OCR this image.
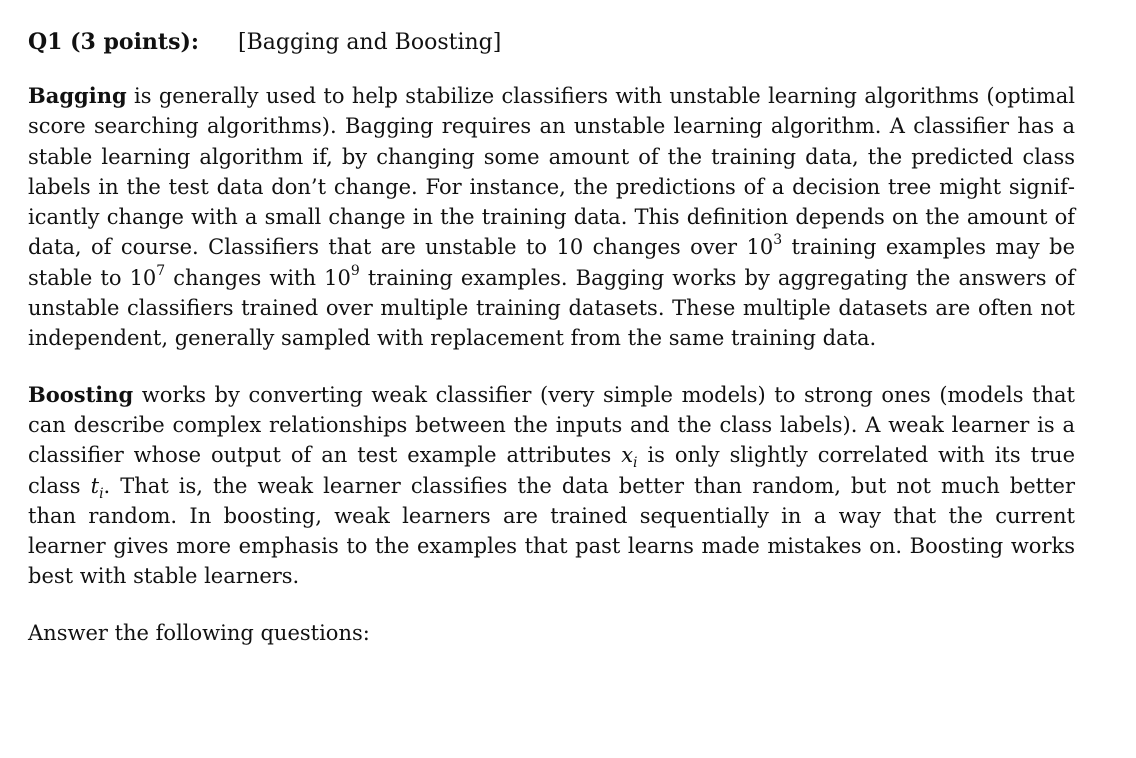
Q1 (3 points): [Bagging and Boosting]

Bagging is generally used to help stabilize classifiers with unstable learning algorithms (optimal score searching algorithms). Bagging requires an unstable learning algorithm. A classifier has a stable learning algorithm if, by changing some amount of the training data, the predicted class labels in the test data don’t change. For instance, the predictions of a decision tree might significantly change with a small change in the training data. This definition depends on the amount of data, of course. Classifiers that are unstable to 10 changes over $10^3$ training examples may be stable to $10^7$ changes with $10^9$ training examples. Bagging works by aggregating the answers of unstable classifiers trained over multiple training datasets. These multiple datasets are often not independent, generally sampled with replacement from the same training data.

Boosting works by converting weak classifier (very simple models) to strong ones (models that can describe complex relationships between the inputs and the class labels). A weak learner is a classifier whose output of an test example attributes $x_i$ is only slightly correlated with its true class $t_i$. That is, the weak learner classifies the data better than random, but not much better than random. In boosting, weak learners are trained sequentially in a way that the current learner gives more emphasis to the examples that past learns made mistakes on. Boosting works best with stable learners.

Answer the following questions:
